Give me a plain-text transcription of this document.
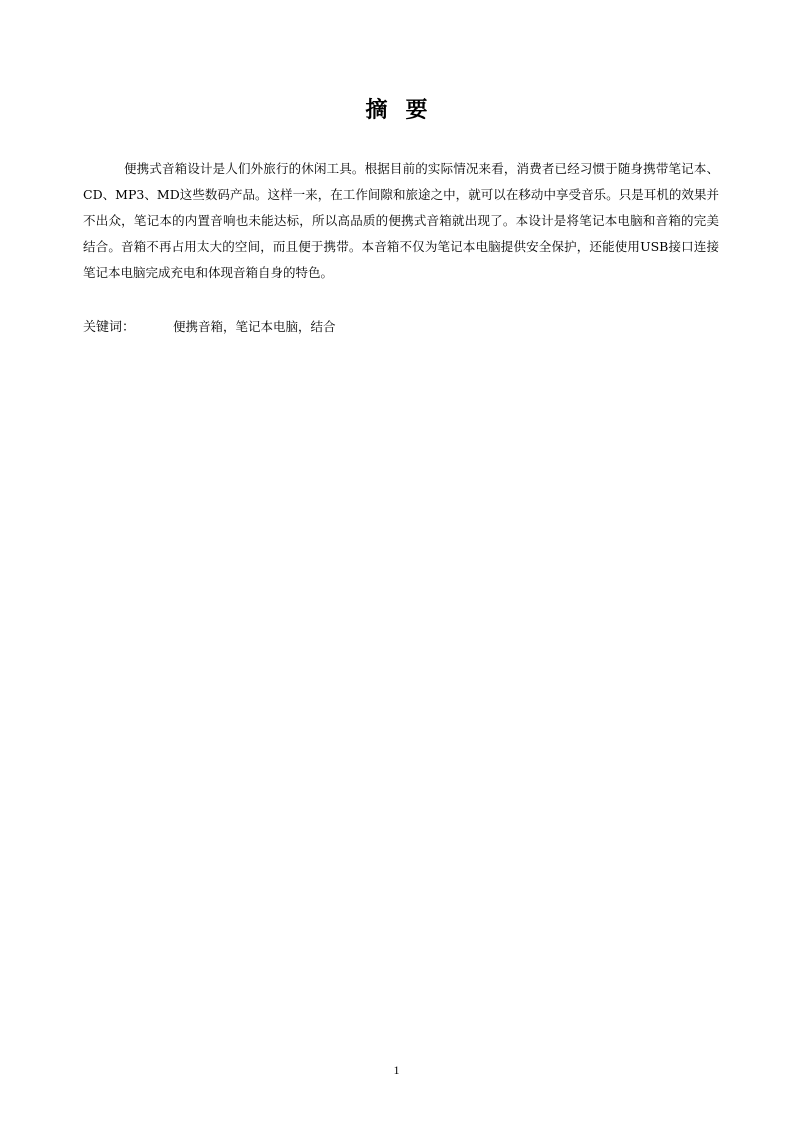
摘要

便携式音箱设计是人们外旅行的休闲工具。根据目前的实际情况来看，消费者已经习惯于随身携带笔记本、CD、MP3、MD这些数码产品。这样一来，在工作间隙和旅途之中，就可以在移动中享受音乐。只是耳机的效果并不出众，笔记本的内置音响也未能达标，所以高品质的便携式音箱就出现了。本设计是将笔记本电脑和音箱的完美结合。音箱不再占用太大的空间，而且便于携带。本音箱不仅为笔记本电脑提供安全保护，还能使用USB接口连接笔记本电脑完成充电和体现音箱自身的特色。

关键词：	便携音箱，笔记本电脑，结合
1
